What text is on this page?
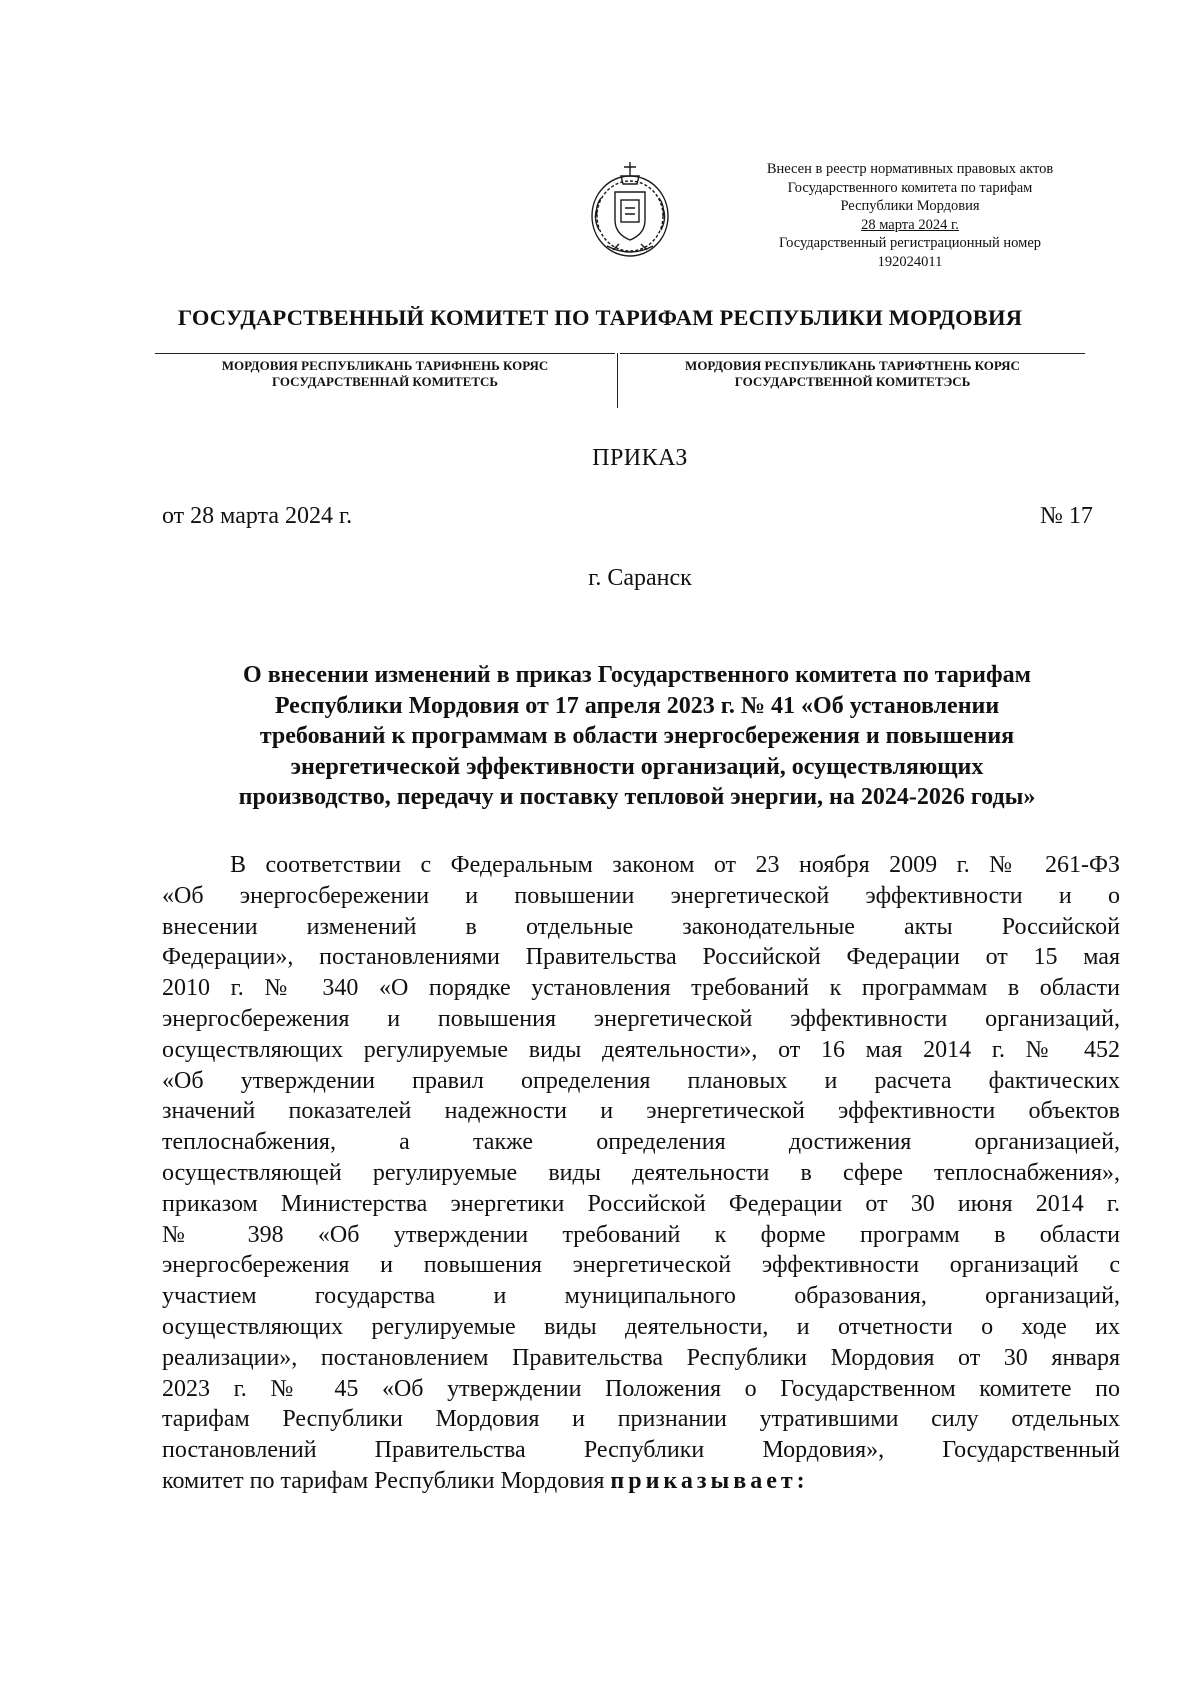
Внесен в реестр нормативных правовых актов
Государственного комитета по тарифам
Республики Мордовия
28 марта 2024 г.
Государственный регистрационный номер
192024011
ГОСУДАРСТВЕННЫЙ КОМИТЕТ ПО ТАРИФАМ РЕСПУБЛИКИ МОРДОВИЯ
МОРДОВИЯ РЕСПУБЛИКАНЬ ТАРИФНЕНЬ КОРЯС
ГОСУДАРСТВЕННАЙ КОМИТЕТСЬ
МОРДОВИЯ РЕСПУБЛИКАНЬ ТАРИФТНЕНЬ КОРЯС
ГОСУДАРСТВЕННОЙ КОМИТЕТЭСЬ
ПРИКАЗ
от 28 марта 2024 г.	№ 17
г. Саранск
О внесении изменений в приказ Государственного комитета по тарифам
Республики Мордовия от 17 апреля 2023 г. № 41 «Об установлении
требований к программам в области энергосбережения и повышения
энергетической эффективности организаций, осуществляющих
производство, передачу и поставку тепловой энергии, на 2024-2026 годы»
В соответствии с Федеральным законом от 23 ноября 2009 г. № 261-ФЗ
«Об энергосбережении и повышении энергетической эффективности и о
внесении изменений в отдельные законодательные акты Российской
Федерации», постановлениями Правительства Российской Федерации от 15 мая
2010 г. № 340 «О порядке установления требований к программам в области
энергосбережения и повышения энергетической эффективности организаций,
осуществляющих регулируемые виды деятельности», от 16 мая 2014 г. № 452
«Об утверждении правил определения плановых и расчета фактических
значений показателей надежности и энергетической эффективности объектов
теплоснабжения, а также определения достижения организацией,
осуществляющей регулируемые виды деятельности в сфере теплоснабжения»,
приказом Министерства энергетики Российской Федерации от 30 июня 2014 г.
№ 398 «Об утверждении требований к форме программ в области
энергосбережения и повышения энергетической эффективности организаций с
участием государства и муниципального образования, организаций,
осуществляющих регулируемые виды деятельности, и отчетности о ходе их
реализации», постановлением Правительства Республики Мордовия от 30 января
2023 г. № 45 «Об утверждении Положения о Государственном комитете по
тарифам Республики Мордовия и признании утратившими силу отдельных
постановлений Правительства Республики Мордовия», Государственный
комитет по тарифам Республики Мордовия приказывает:
